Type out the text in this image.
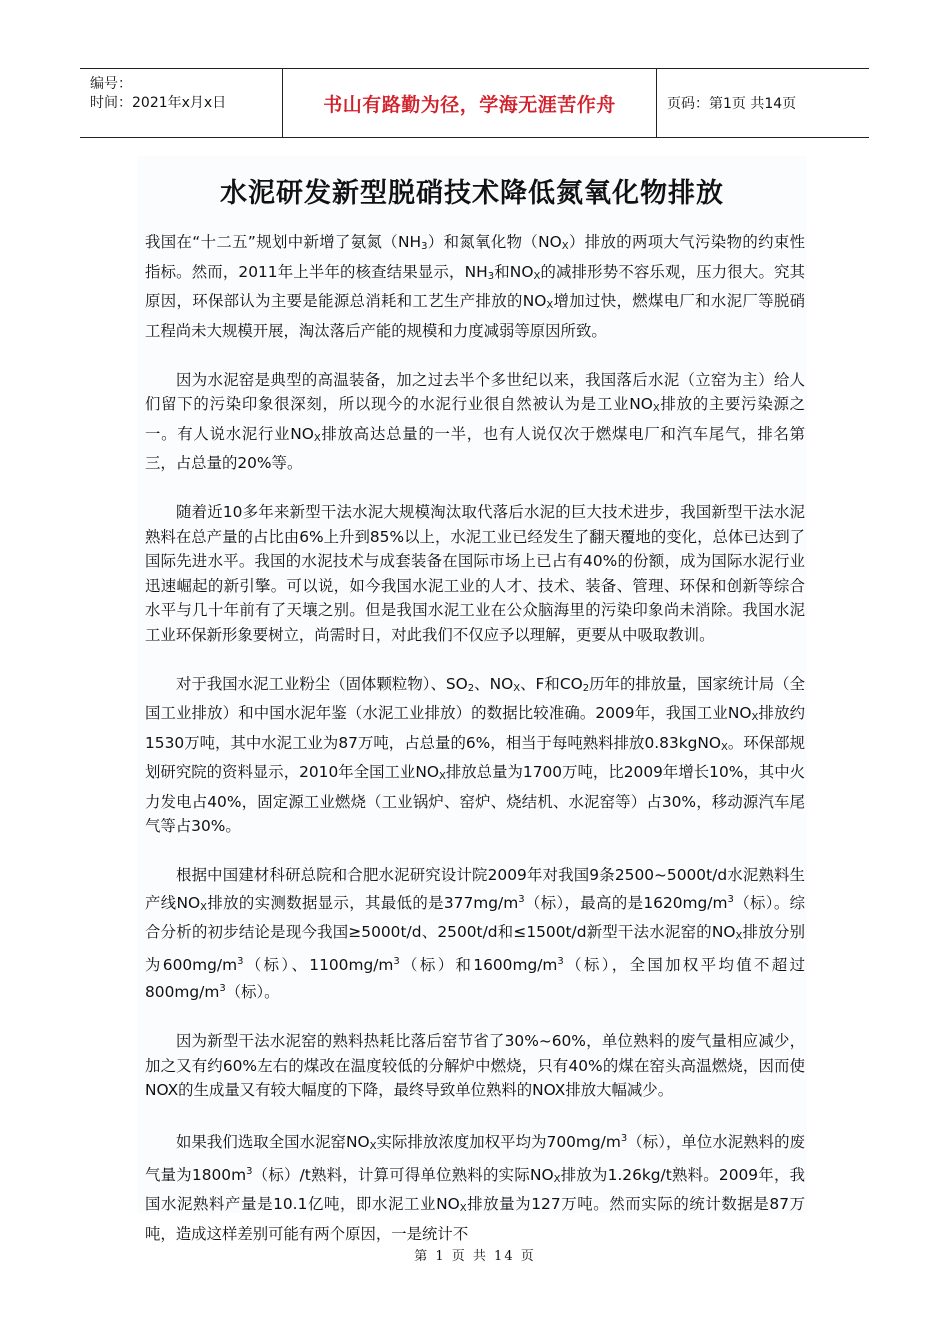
编号：
时间：2021年x月x日	书山有路勤为径，学海无涯苦作舟	页码：第1页 共14页
水泥研发新型脱硝技术降低氮氧化物排放

我国在“十二五”规划中新增了氨氮$(NH_3)$和氮氧化物$(NO_X)$排放的两项大气污染物的约束性指标。然而，2011年上半年的核查结果显示，$NH_3$和$NO_X$的减排形势不容乐观，压力很大。究其原因，环保部认为主要是能源总消耗和工艺生产排放的$NO_X$增加过快，燃煤电厂和水泥厂等脱硝工程尚未大规模开展，淘汰落后产能的规模和力度减弱等原因所致。

因为水泥窑是典型的高温装备，加之过去半个多世纪以来，我国落后水泥（立窑为主）给人们留下的污染印象很深刻，所以现今的水泥行业很自然被认为是工业$NO_X$排放的主要污染源之一。有人说水泥行业$NO_X$排放高达总量的一半，也有人说仅次于燃煤电厂和汽车尾气，排名第三，占总量的20%等。

随着近10多年来新型干法水泥大规模淘汰取代落后水泥的巨大技术进步，我国新型干法水泥熟料在总产量的占比由6%上升到85%以上，水泥工业已经发生了翻天覆地的变化，总体已达到了国际先进水平。我国的水泥技术与成套装备在国际市场上已占有40%的份额，成为国际水泥行业迅速崛起的新引擎。可以说，如今我国水泥工业的人才、技术、装备、管理、环保和创新等综合水平与几十年前有了天壤之别。但是我国水泥工业在公众脑海里的污染印象尚未消除。我国水泥工业环保新形象要树立，尚需时日，对此我们不仅应予以理解，更要从中吸取教训。

对于我国水泥工业粉尘（固体颗粒物）、$SO_2$、$NO_X$、F和$CO_2$历年的排放量，国家统计局（全国工业排放）和中国水泥年鉴（水泥工业排放）的数据比较准确。2009年，我国工业$NO_X$排放约1530万吨，其中水泥工业为87万吨，占总量的6%，相当于每吨熟料排放0.83kgNO$_X$。环保部规划研究院的资料显示，2010年全国工业$NO_X$排放总量为1700万吨，比2009年增长10%，其中火力发电占40%，固定源工业燃烧（工业锅炉、窑炉、烧结机、水泥窑等）占30%，移动源汽车尾气等占30%。

根据中国建材科研总院和合肥水泥研究设计院2009年对我国9条2500~5000t/d水泥熟料生产线$NO_X$排放的实测数据显示，其最低的是$377mg/m^3$（标），最高的是$1620mg/m^3$（标）。综合分析的初步结论是现今我国≥5000t/d、2500t/d和≤1500t/d新型干法水泥窑的$NO_X$排放分别为$600mg/m^3$（标）、$1100mg/m^3$（标）和$1600mg/m^3$（标），全国加权平均值不超过$800mg/m^3$（标）。

因为新型干法水泥窑的熟料热耗比落后窑节省了30%~60%，单位熟料的废气量相应减少，加之又有约60%左右的煤改在温度较低的分解炉中燃烧，只有40%的煤在窑头高温燃烧，因而使NOX的生成量又有较大幅度的下降，最终导致单位熟料的NOX排放大幅减少。

如果我们选取全国水泥窑$NO_X$实际排放浓度加权平均为$700mg/m^3$（标），单位水泥熟料的废气量为$1800m^3$（标）/t熟料，计算可得单位熟料的实际$NO_X$排放为1.26kg/t熟料。2009年，我国水泥熟料产量是10.1亿吨，即水泥工业$NO_X$排放量为127万吨。然而实际的统计数据是87万吨，造成这样差别可能有两个原因，一是统计不

第 1 页 共 14 页
